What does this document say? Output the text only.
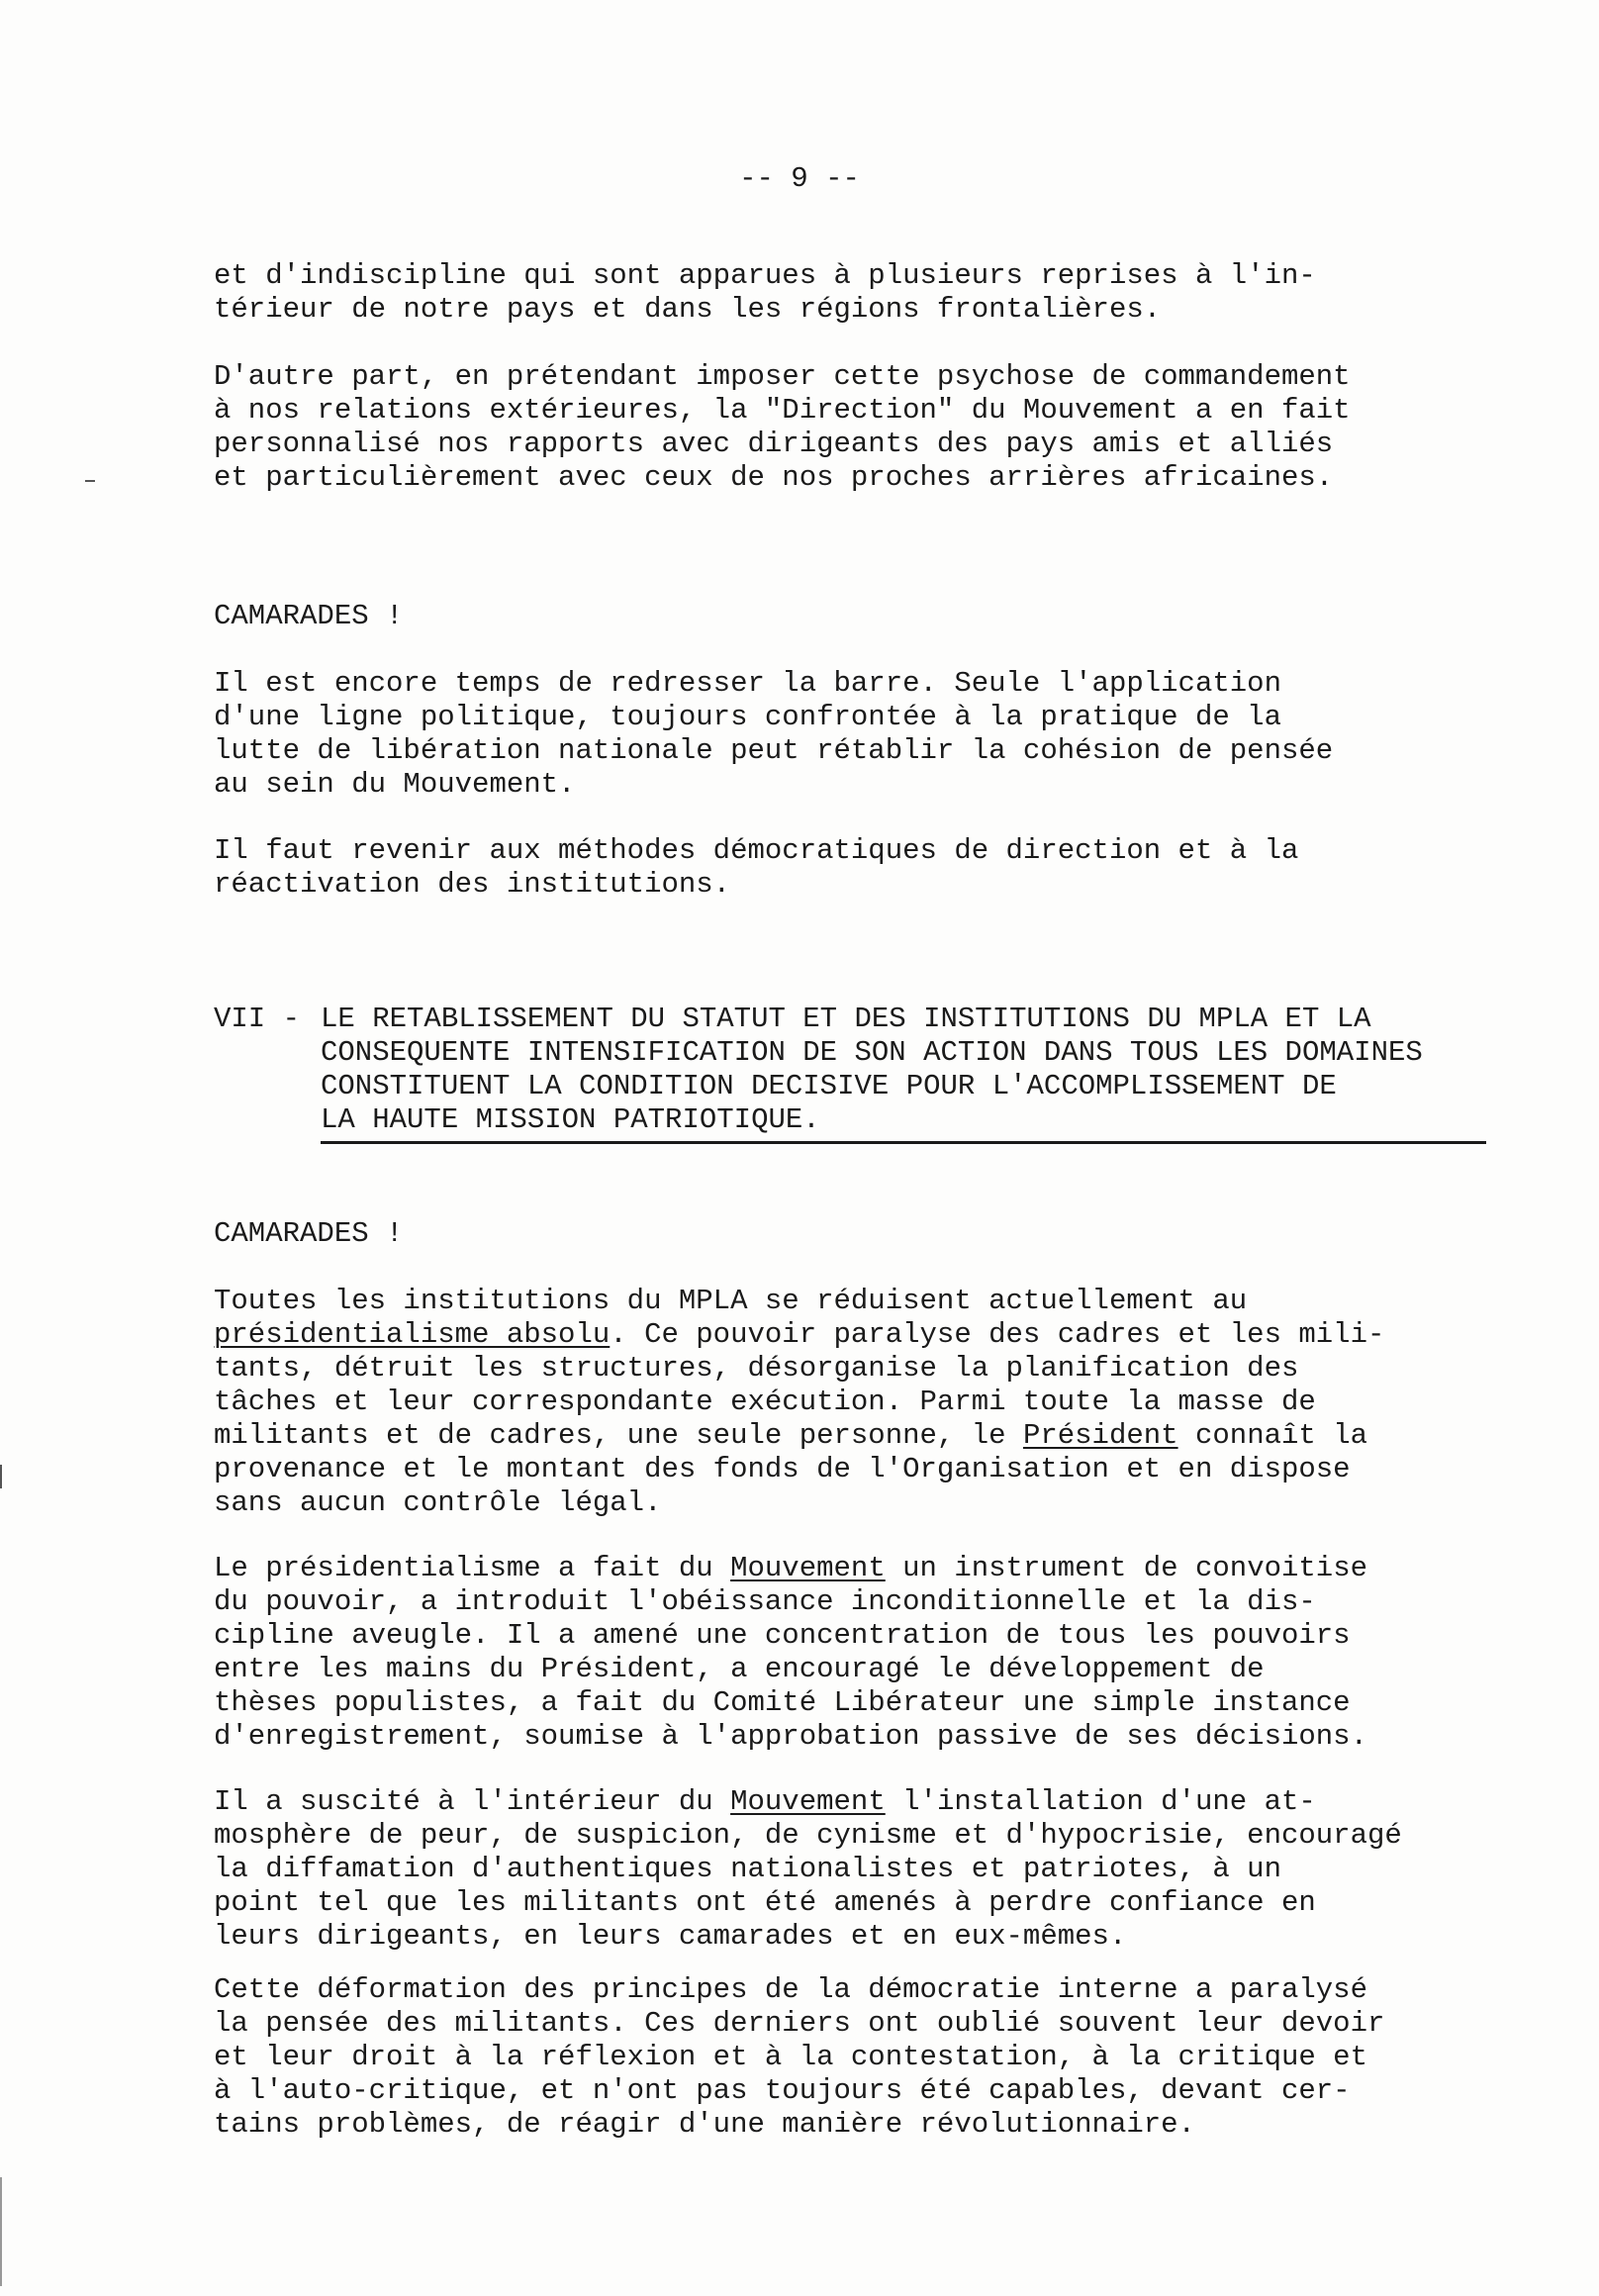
-- 9 --
et d'indiscipline qui sont apparues à plusieurs reprises à l'in-
térieur de notre pays et dans les régions frontalières.
D'autre part, en prétendant imposer cette psychose de commandement
à nos relations extérieures, la "Direction" du Mouvement a en fait
personnalisé nos rapports avec dirigeants des pays amis et alliés
et particulièrement avec ceux de nos proches arrières africaines.
CAMARADES !
Il est encore temps de redresser la barre. Seule l'application
d'une ligne politique, toujours confrontée à la pratique de la
lutte de libération nationale peut rétablir la cohésion de pensée
au sein du Mouvement.
Il faut revenir aux méthodes démocratiques de direction et à la
réactivation des institutions.
VII - LE RETABLISSEMENT DU STATUT ET DES INSTITUTIONS DU MPLA ET LA
CONSEQUENTE INTENSIFICATION DE SON ACTION DANS TOUS LES DOMAINES
CONSTITUENT LA CONDITION DECISIVE POUR L'ACCOMPLISSEMENT DE
LA HAUTE MISSION PATRIOTIQUE.
CAMARADES !
Toutes les institutions du MPLA se réduisent actuellement au
présidentialisme absolu. Ce pouvoir paralyse des cadres et les mili-
tants, détruit les structures, désorganise la planification des
tâches et leur correspondante exécution. Parmi toute la masse de
militants et de cadres, une seule personne, le Président connaît la
provenance et le montant des fonds de l'Organisation et en dispose
sans aucun contrôle légal.
Le présidentialisme a fait du Mouvement un instrument de convoitise
du pouvoir, a introduit l'obéissance inconditionnelle et la dis-
cipline aveugle. Il a amené une concentration de tous les pouvoirs
entre les mains du Président, a encouragé le développement de
thèses populistes, a fait du Comité Libérateur une simple instance
d'enregistrement, soumise à l'approbation passive de ses décisions.
Il a suscité à l'intérieur du Mouvement l'installation d'une at-
mosphère de peur, de suspicion, de cynisme et d'hypocrisie, encouragé
la diffamation d'authentiques nationalistes et patriotes, à un
point tel que les militants ont été amenés à perdre confiance en
leurs dirigeants, en leurs camarades et en eux-mêmes.
Cette déformation des principes de la démocratie interne a paralysé
la pensée des militants. Ces derniers ont oublié souvent leur devoir
et leur droit à la réflexion et à la contestation, à la critique et
à l'auto-critique, et n'ont pas toujours été capables, devant cer-
tains problèmes, de réagir d'une manière révolutionnaire.
